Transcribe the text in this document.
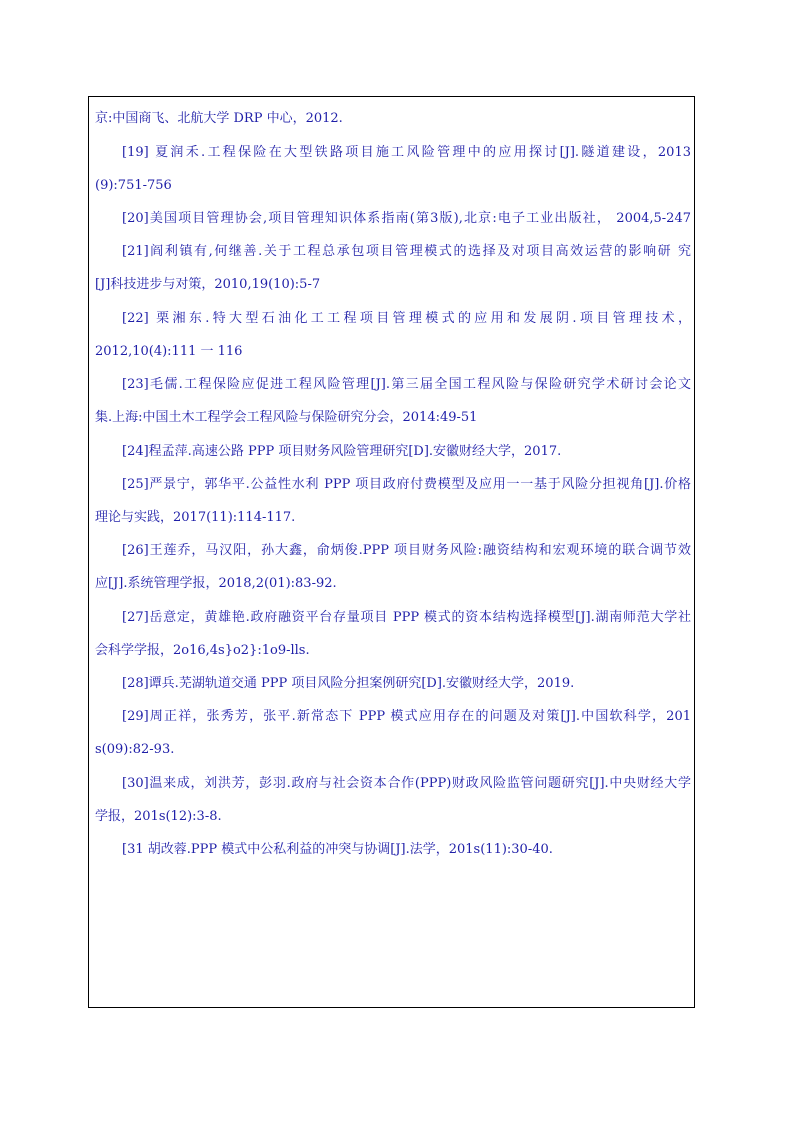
京:中国商飞、北航大学 DRP 中心，2012.

[19] 夏润禾.工程保险在大型铁路项目施工风险管理中的应用探讨[J].隧道建设，2013

(9):751-756

[20]美国项目管理协会,项目管理知识体系指南(第3版),北京:电子工业出版社， 2004,5-247

[21]阎利镇有,何继善.关于工程总承包项目管理模式的选择及对项目高效运营的影响研 究

[J]科技进步与对策，2010,19(10):5-7

[22] 栗湘东.特大型石油化工工程项目管理模式的应用和发展阴.项目管理技术，

2012,10(4):111 一 116

[23]毛儒.工程保险应促进工程风险管理[J].第三届全国工程风险与保险研究学术研讨会论文

集.上海:中国土木工程学会工程风险与保险研究分会，2014:49-51

[24]程孟萍.高速公路 PPP 项目财务风险管理研究[D].安徽财经大学，2017.

[25]严景宁，郭华平.公益性水利 PPP 项目政府付费模型及应用一一基于风险分担视角[J].价格

理论与实践，2017(11):114-117.

[26]王莲乔，马汉阳，孙大鑫，俞炳俊.PPP 项目财务风险:融资结构和宏观环境的联合调节效

应[J].系统管理学报，2018,2(01):83-92.

[27]岳意定，黄雄艳.政府融资平台存量项目 PPP 模式的资本结构选择模型[J].湖南师范大学社

会科学学报，2o16,4s}o2}:1o9-lls.

[28]谭兵.芜湖轨道交通 PPP 项目风险分担案例研究[D].安徽财经大学，2019.

[29]周正祥，张秀芳，张平.新常态下 PPP 模式应用存在的问题及对策[J].中国软科学，201

s(09):82-93.

[30]温来成，刘洪芳，彭羽.政府与社会资本合作(PPP)财政风险监管问题研究[J].中央财经大学

学报，201s(12):3-8.

[31 胡改蓉.PPP 模式中公私利益的冲突与协调[J].法学，201s(11):30-40.
